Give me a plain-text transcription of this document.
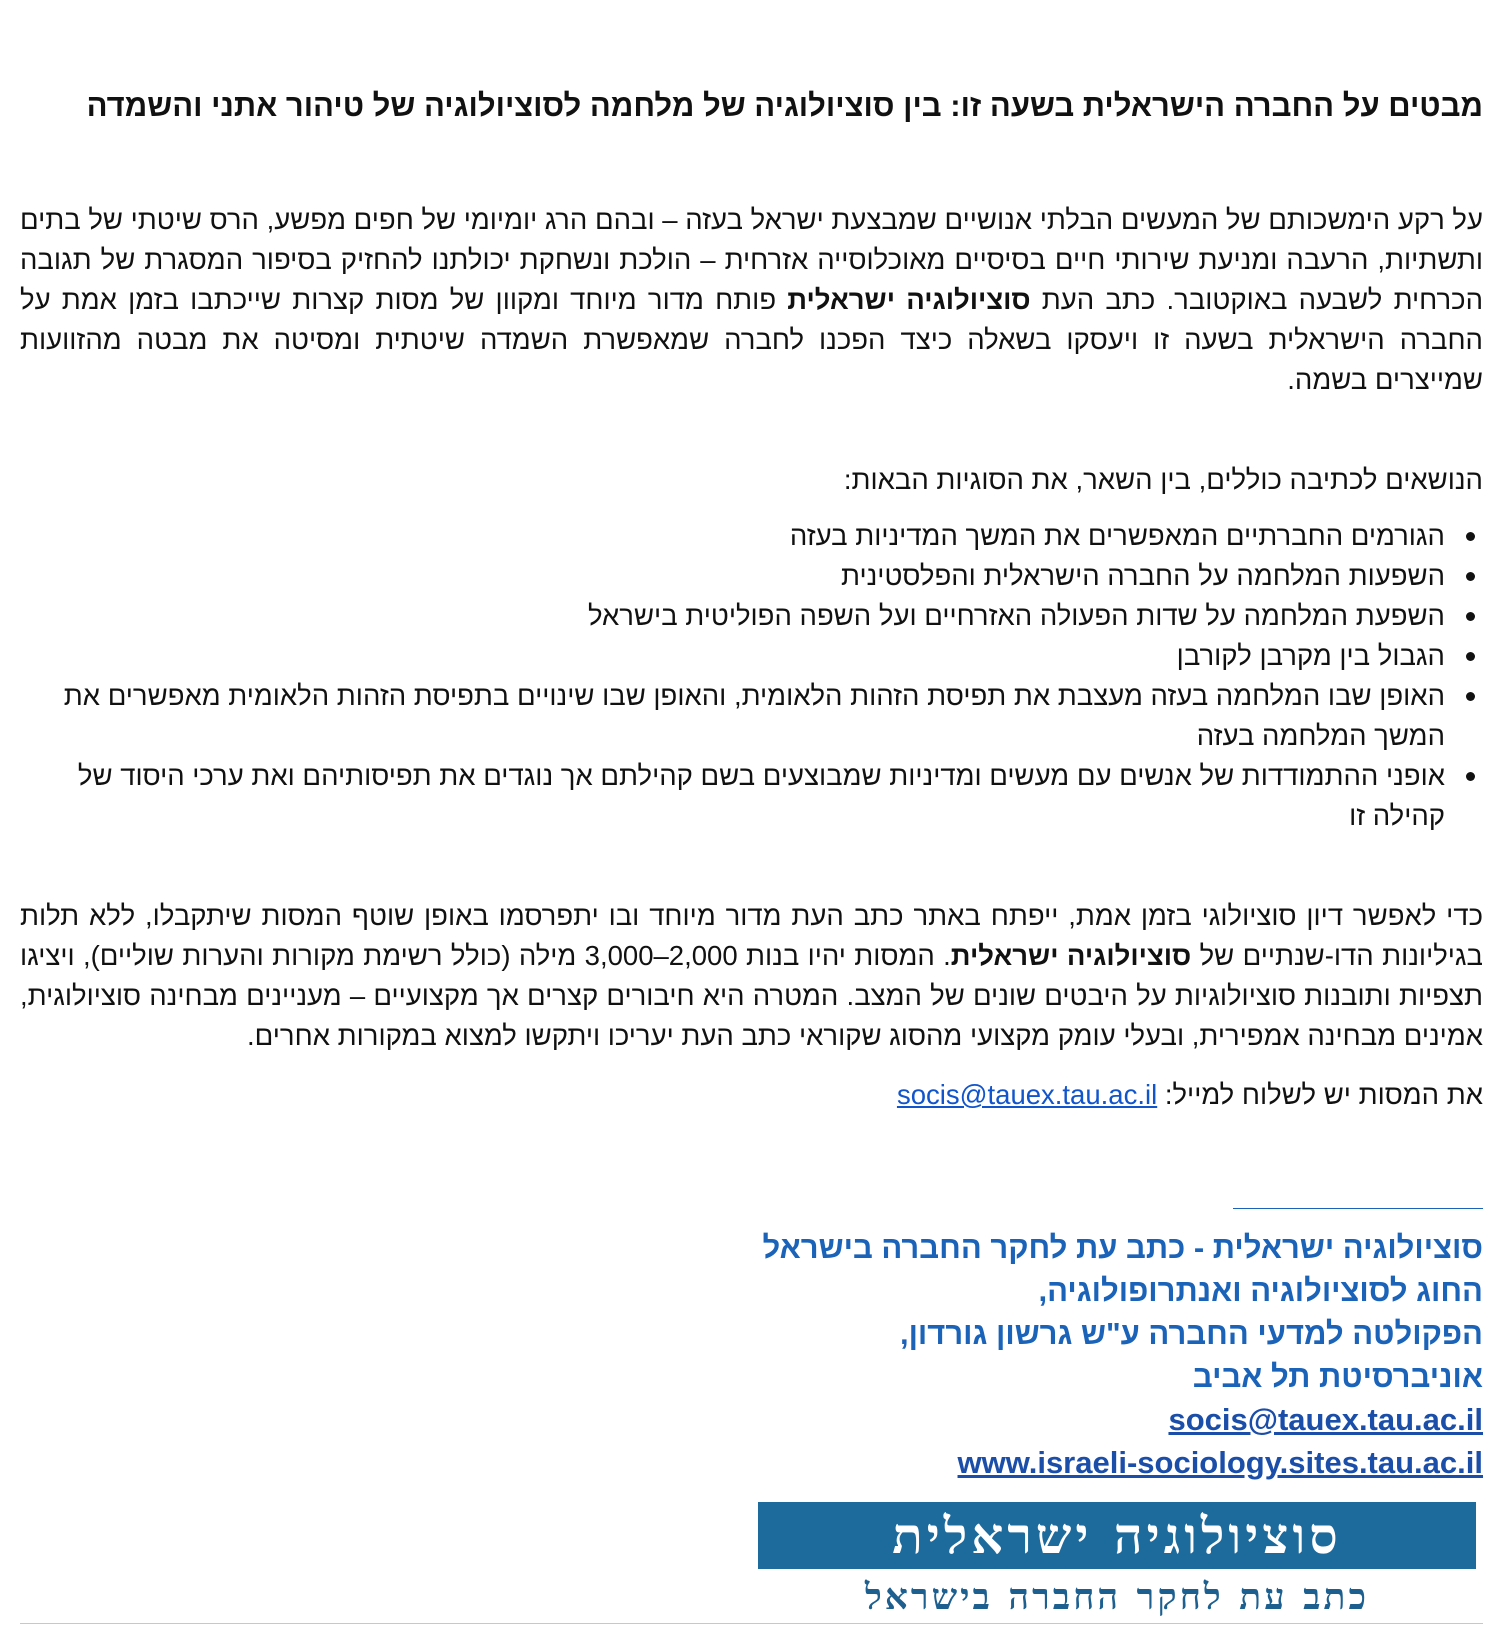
מבטים על החברה הישראלית בשעה זו: בין סוציולוגיה של מלחמה לסוציולוגיה של טיהור אתני והשמדה

על רקע הימשכותם של המעשים הבלתי אנושיים שמבצעת ישראל בעזה – ובהם הרג יומיומי של חפים מפשע, הרס שיטתי של בתים ותשתיות, הרעבה ומניעת שירותי חיים בסיסיים מאוכלוסייה אזרחית – הולכת ונשחקת יכולתנו להחזיק בסיפור המסגרת של תגובה הכרחית לשבעה באוקטובר. כתב העת סוציולוגיה ישראלית פותח מדור מיוחד ומקוון של מסות קצרות שייכתבו בזמן אמת על החברה הישראלית בשעה זו ויעסקו בשאלה כיצד הפכנו לחברה שמאפשרת השמדה שיטתית ומסיטה את מבטה מהזוועות שמייצרים בשמה.

הנושאים לכתיבה כוללים, בין השאר, את הסוגיות הבאות:

הגורמים החברתיים המאפשרים את המשך המדיניות בעזה
השפעות המלחמה על החברה הישראלית והפלסטינית
השפעת המלחמה על שדות הפעולה האזרחיים ועל השפה הפוליטית בישראל
הגבול בין מקרבן לקורבן
האופן שבו המלחמה בעזה מעצבת את תפיסת הזהות הלאומית, והאופן שבו שינויים בתפיסת הזהות הלאומית מאפשרים את המשך המלחמה בעזה
אופני ההתמודדות של אנשים עם מעשים ומדיניות שמבוצעים בשם קהילתם אך נוגדים את תפיסותיהם ואת ערכי היסוד של קהילה זו

כדי לאפשר דיון סוציולוגי בזמן אמת, ייפתח באתר כתב העת מדור מיוחד ובו יתפרסמו באופן שוטף המסות שיתקבלו, ללא תלות בגיליונות הדו-שנתיים של סוציולוגיה ישראלית. המסות יהיו בנות 2,000–3,000 מילה (כולל רשימת מקורות והערות שוליים), ויציגו תצפיות ותובנות סוציולוגיות על היבטים שונים של המצב. המטרה היא חיבורים קצרים אך מקצועיים – מעניינים מבחינה סוציולוגית, אמינים מבחינה אמפירית, ובעלי עומק מקצועי מהסוג שקוראי כתב העת יעריכו ויתקשו למצוא במקורות אחרים.

את המסות יש לשלוח למייל: socis@tauex.tau.ac.il

סוציולוגיה ישראלית - כתב עת לחקר החברה בישראל
החוג לסוציולוגיה ואנתרופולוגיה,
הפקולטה למדעי החברה ע"ש גרשון גורדון,
אוניברסיטת תל אביב
socis@tauex.tau.ac.il
www.israeli-sociology.sites.tau.ac.il
סוציולוגיה ישראלית
כתב עת לחקר החברה בישראל
